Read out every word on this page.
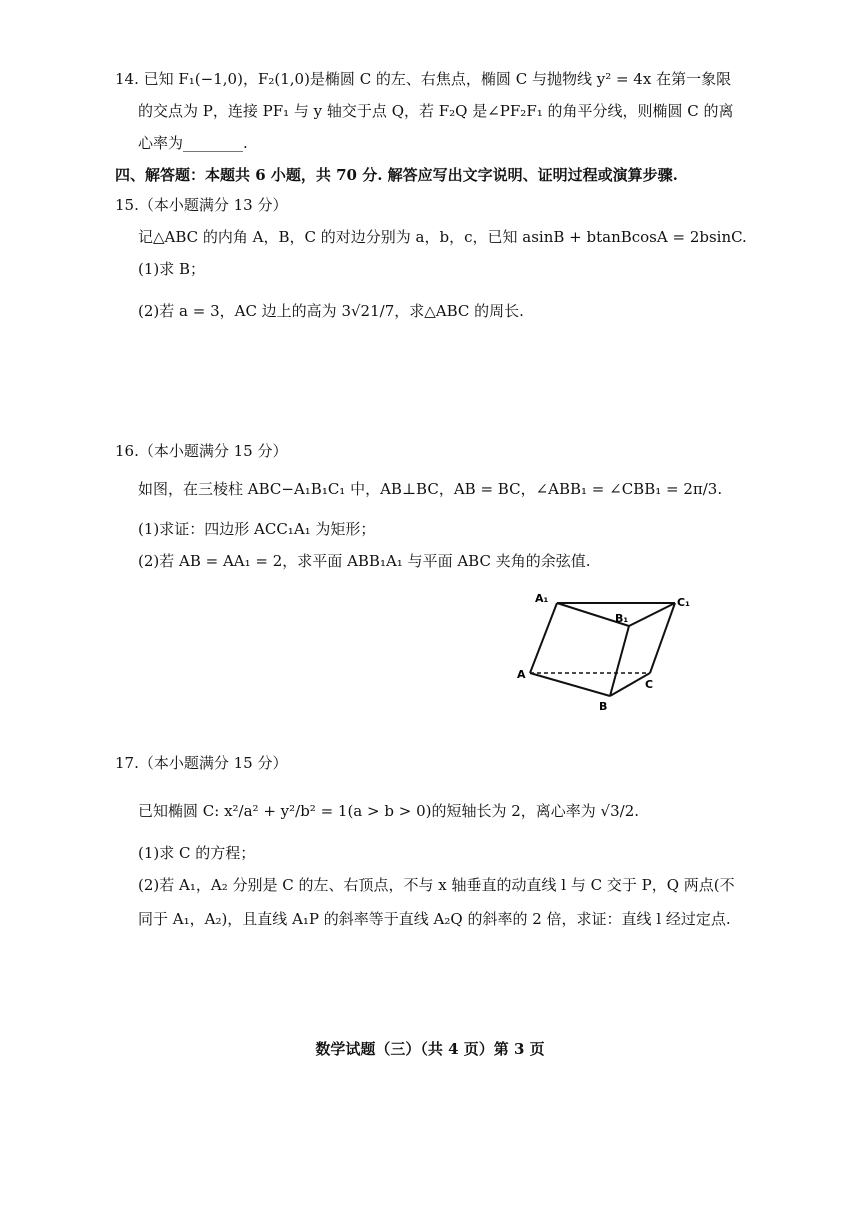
14. 已知 F₁(−1,0)，F₂(1,0)是椭圆 C 的左、右焦点，椭圆 C 与抛物线 y² = 4x 在第一象限
的交点为 P，连接 PF₁ 与 y 轴交于点 Q，若 F₂Q 是∠PF₂F₁ 的角平分线，则椭圆 C 的离
心率为________.
四、解答题：本题共 6 小题，共 70 分. 解答应写出文字说明、证明过程或演算步骤.
15.（本小题满分 13 分）
记△ABC 的内角 A，B，C 的对边分别为 a，b，c，已知 asinB + btanBcosA = 2bsinC.
(1)求 B；
(2)若 a = 3，AC 边上的高为 3√21/7，求△ABC 的周长.
16.（本小题满分 15 分）
如图，在三棱柱 ABC−A₁B₁C₁ 中，AB⊥BC，AB = BC，∠ABB₁ = ∠CBB₁ = 2π/3.
(1)求证：四边形 ACC₁A₁ 为矩形；
(2)若 AB = AA₁ = 2，求平面 ABB₁A₁ 与平面 ABC 夹角的余弦值.
A₁
B₁
C₁
A
B
C
17.（本小题满分 15 分）
已知椭圆 C: x²/a² + y²/b² = 1(a > b > 0)的短轴长为 2，离心率为 √3/2.
(1)求 C 的方程；
(2)若 A₁，A₂ 分别是 C 的左、右顶点，不与 x 轴垂直的动直线 l 与 C 交于 P，Q 两点(不
同于 A₁，A₂)，且直线 A₁P 的斜率等于直线 A₂Q 的斜率的 2 倍，求证：直线 l 经过定点.
数学试题（三）（共 4 页）第 3 页
